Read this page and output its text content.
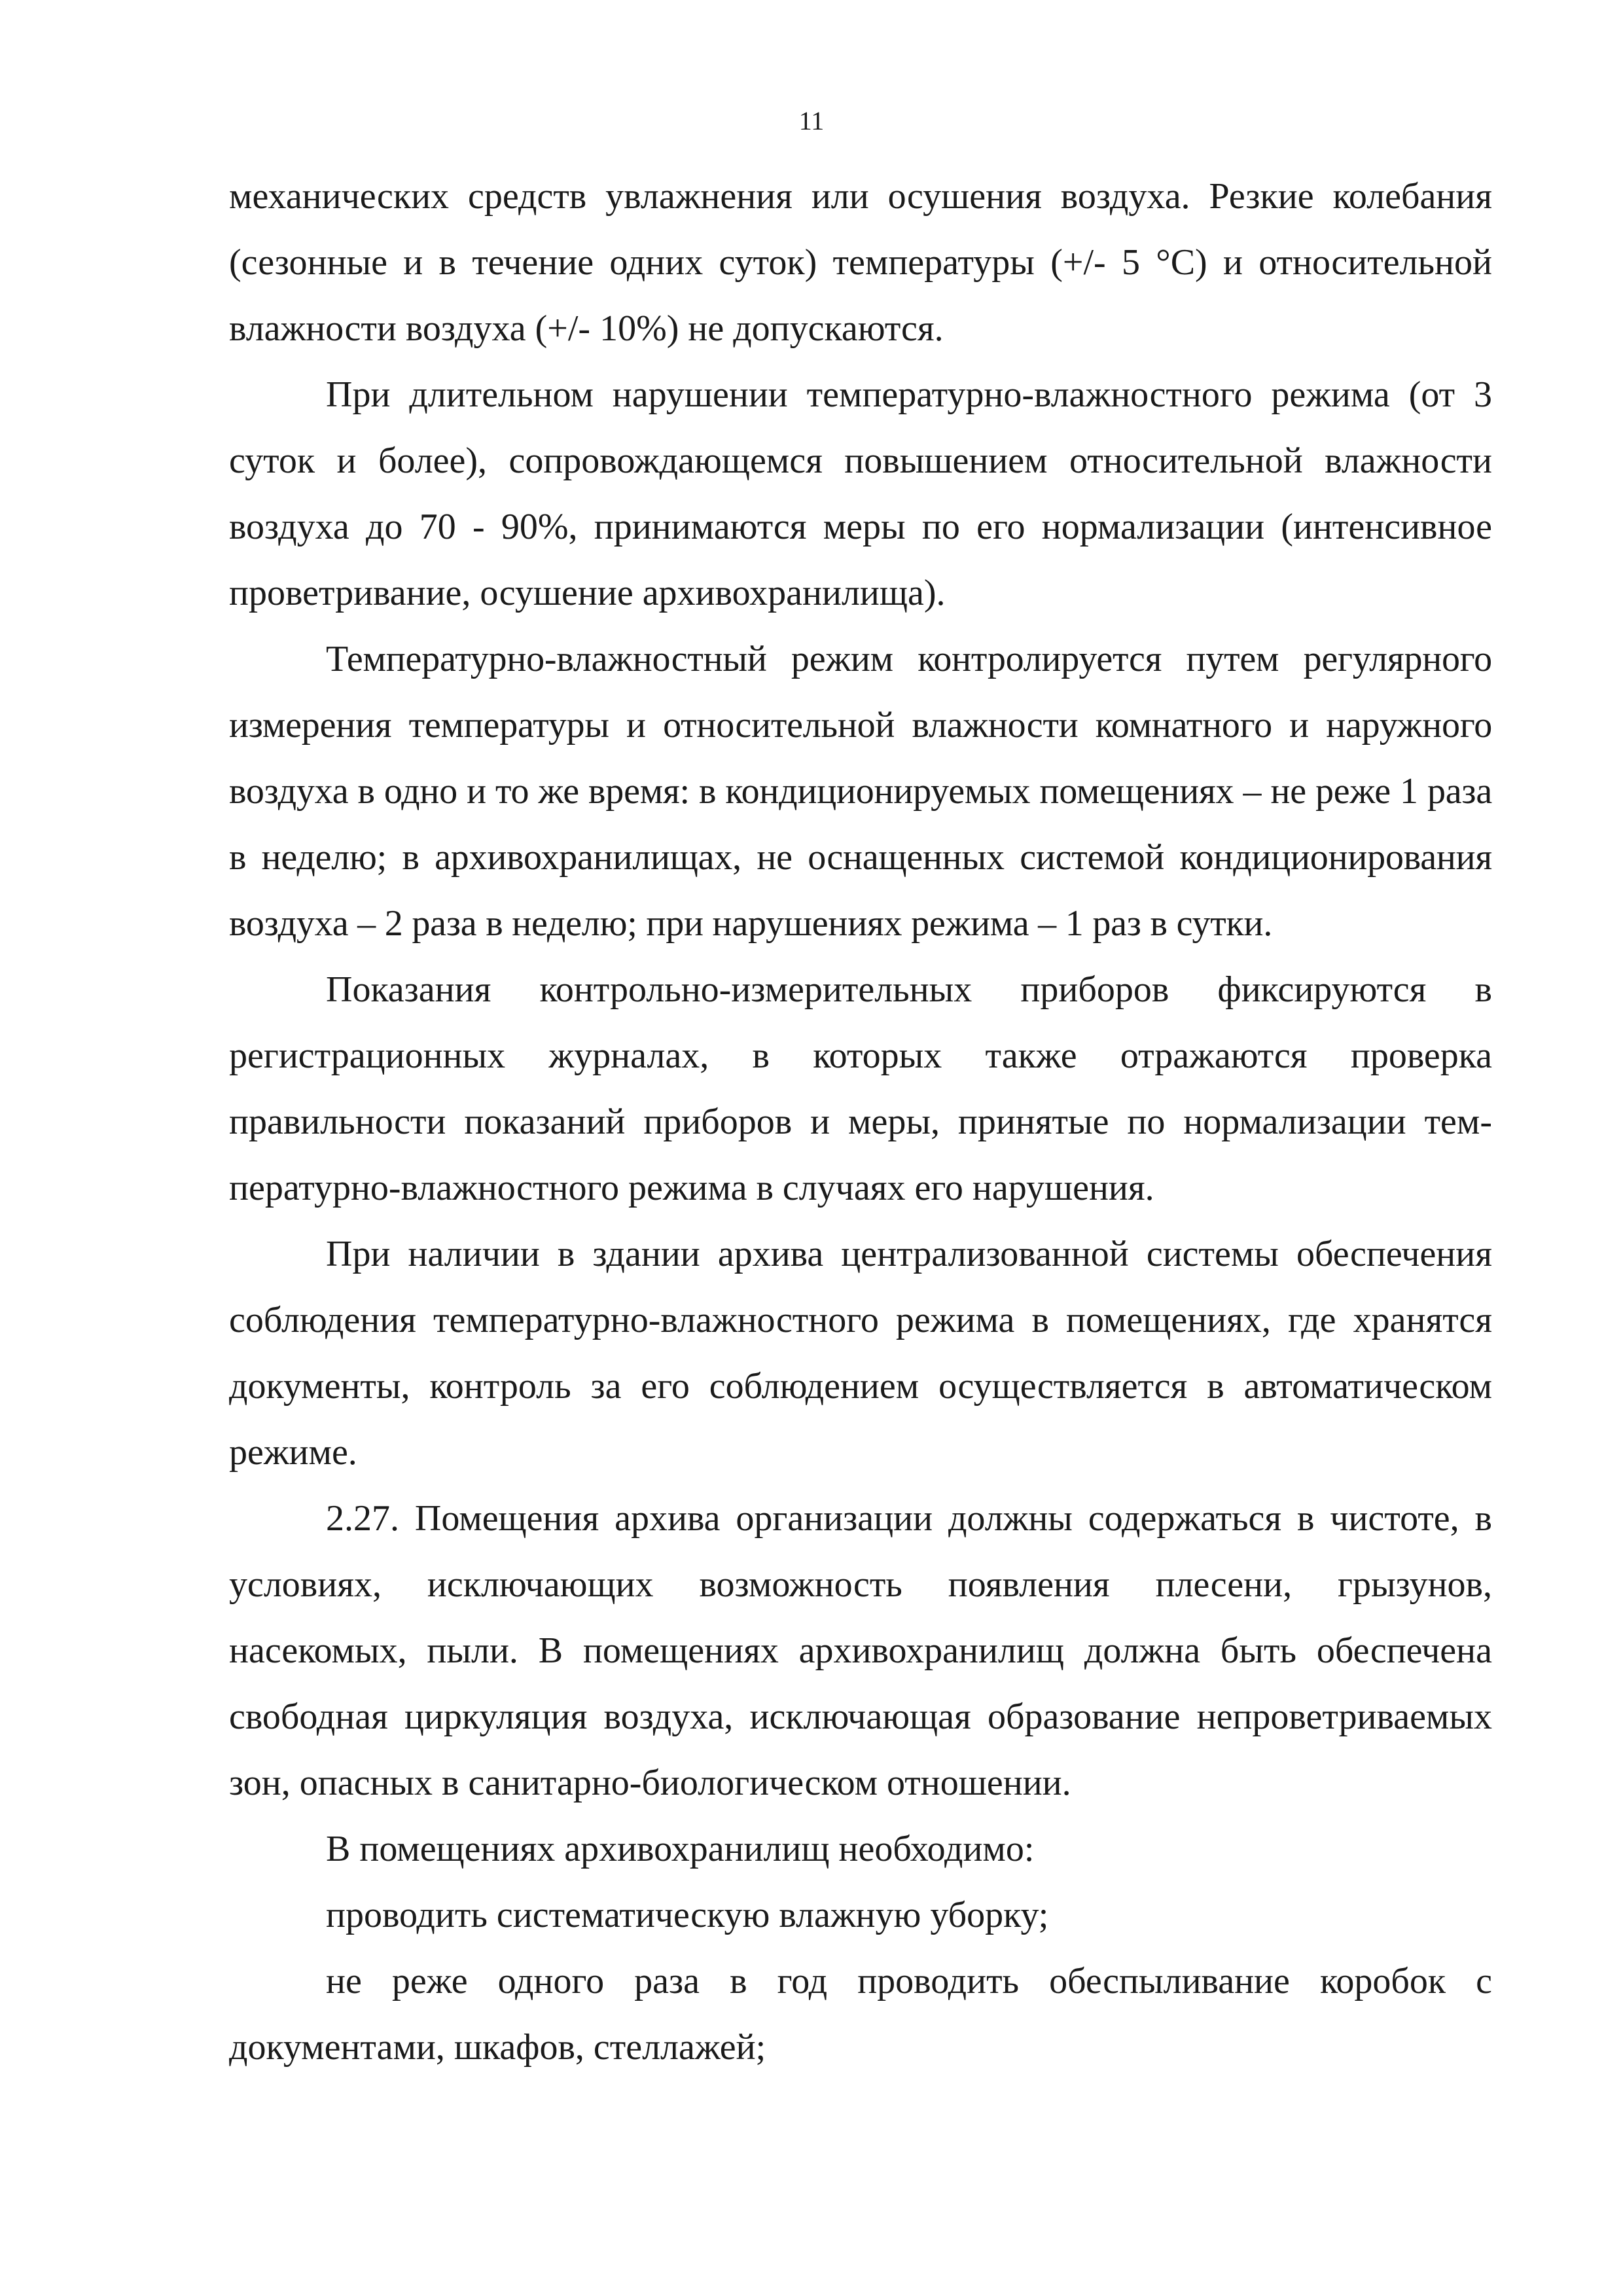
11

механических средств увлажнения или осушения воздуха. Резкие колебания (сезонные и в течение одних суток) температуры (+/- 5 °С) и относительной влажности воздуха (+/- 10%) не допускаются.

При длительном нарушении температурно-влажностного режима (от 3 суток и более), сопровождающемся повышением относительной влажности воздуха до 70 - 90%, принимаются меры по его нормализации (интенсивное проветривание, осушение архивохранилища).

Температурно-влажностный режим контролируется путем регулярного измерения температуры и относительной влажности комнатного и наружного воздуха в одно и то же время: в кондиционируемых помещениях – не реже 1 раза в неделю; в архивохранилищах, не оснащенных системой кондиционирования воздуха – 2 раза в неделю; при нарушениях режима – 1 раз в сутки.

Показания контрольно-измерительных приборов фиксируются в регистрационных журналах, в которых также отражаются проверка правильности показаний приборов и меры, принятые по нормализации тем-пературно-влажностного режима в случаях его нарушения.

При наличии в здании архива централизованной системы обеспечения соблюдения температурно-влажностного режима в помещениях, где хранятся документы, контроль за его соблюдением осуществляется в автоматическом режиме.

2.27. Помещения архива организации должны содержаться в чистоте, в условиях, исключающих возможность появления плесени, грызунов, насекомых, пыли. В помещениях архивохранилищ должна быть обеспечена свободная циркуляция воздуха, исключающая образование непроветриваемых зон, опасных в санитарно-биологическом отношении.

В помещениях архивохранилищ необходимо:

проводить систематическую влажную уборку;

не реже одного раза в год проводить обеспыливание коробок с документами, шкафов, стеллажей;
